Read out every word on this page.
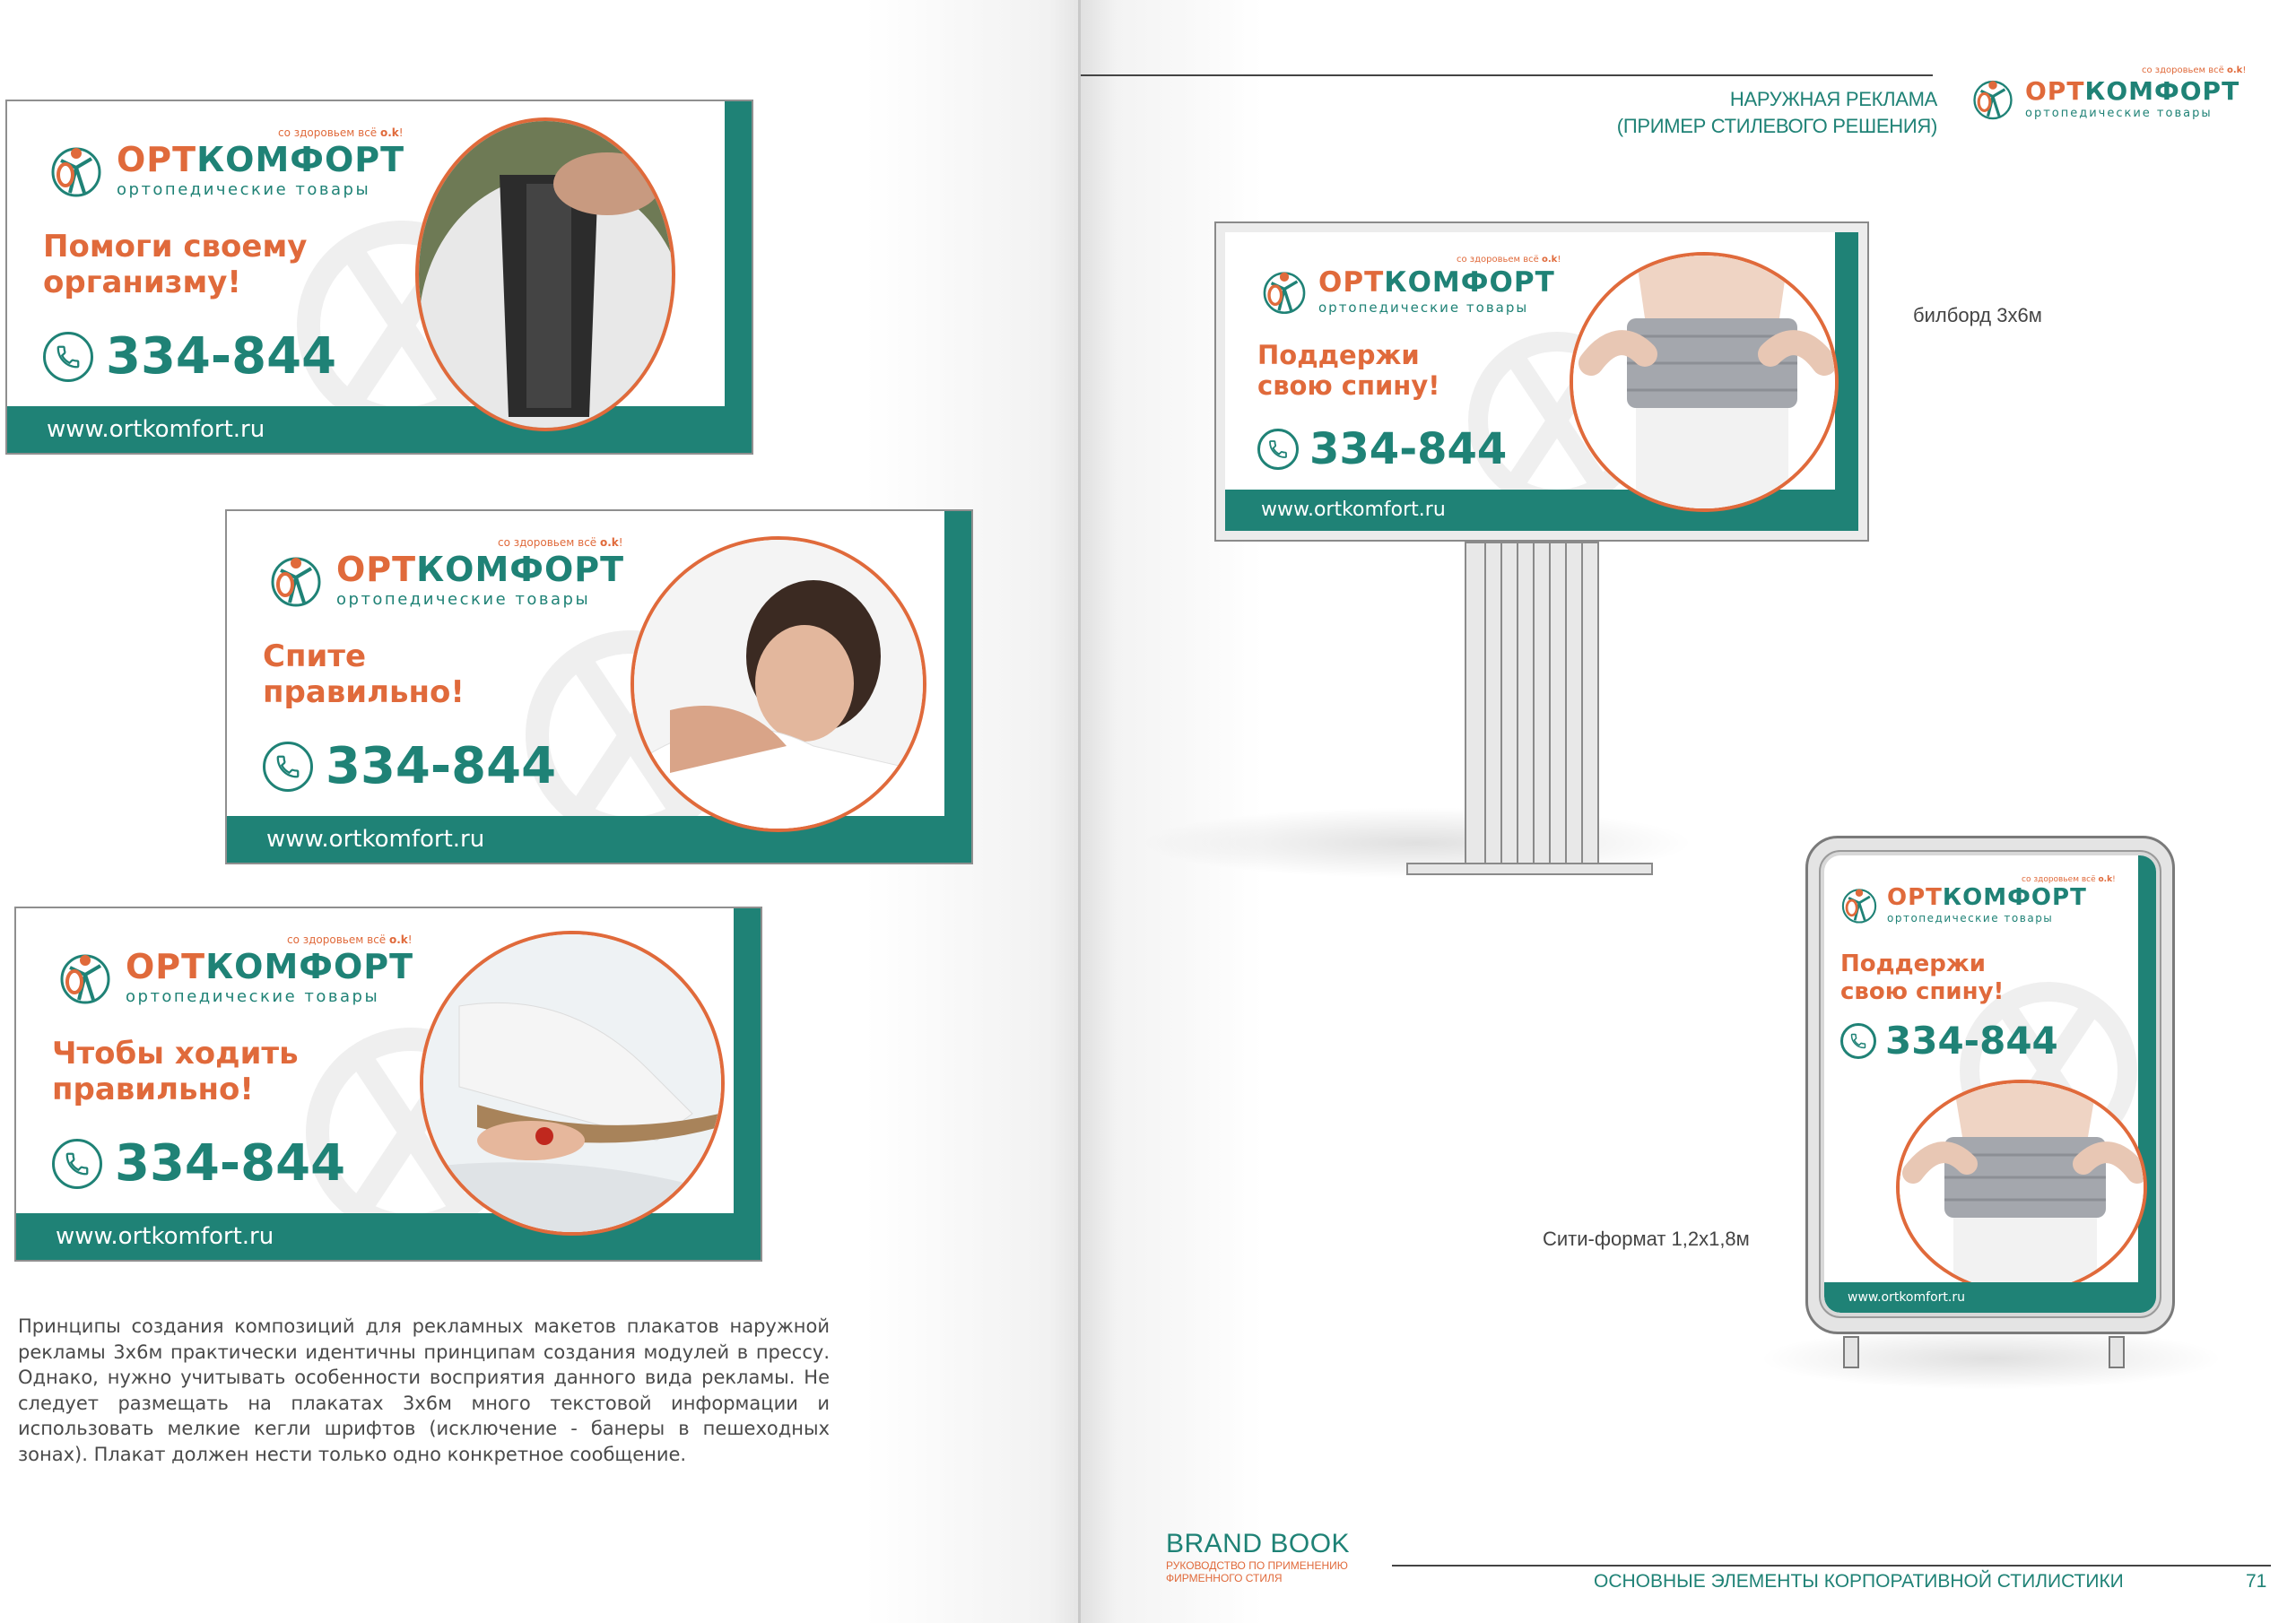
ОРТКОМФОРТ
ортопедические товары
со здоровьем всё o.k!
Помоги своему
организму!
334-844
www.ortkomfort.ru
ОРТКОМФОРТ
ортопедические товары
со здоровьем всё o.k!
Спите
правильно!
334-844
www.ortkomfort.ru
ОРТКОМФОРТ
ортопедические товары
со здоровьем всё o.k!
Чтобы ходить
правильно!
334-844
www.ortkomfort.ru
Принципы создания композиций для рекламных макетов плакатов наружной рекламы 3х6м практически идентичны принципам создания модулей в прессу. Однако, нужно учитывать особенности восприятия данного вида рекламы. Не следует размещать на плакатах 3х6м много текстовой информации и использовать мелкие кегли шрифтов (исключение - банеры в пешеходных зонах). Плакат должен нести только одно конкретное сообщение.
НАРУЖНАЯ РЕКЛАМА
(ПРИМЕР СТИЛЕВОГО РЕШЕНИЯ)
ОРТКОМФОРТ
ортопедические товары
со здоровьем всё o.k!
ОРТКОМФОРТ
ортопедические товары
со здоровьем всё o.k!
Поддержи
свою спину!
334-844
www.ortkomfort.ru
билборд 3х6м
ОРТКОМФОРТ
ортопедические товары
со здоровьем всё o.k!
Поддержи
свою спину!
334-844
www.ortkomfort.ru
Сити-формат 1,2х1,8м
BRAND BOOK
РУКОВОДСТВО ПО ПРИМЕНЕНИЮ
ФИРМЕННОГО СТИЛЯ	ОСНОВНЫЕ ЭЛЕМЕНТЫ КОРПОРАТИВНОЙ СТИЛИСТИКИ	71
